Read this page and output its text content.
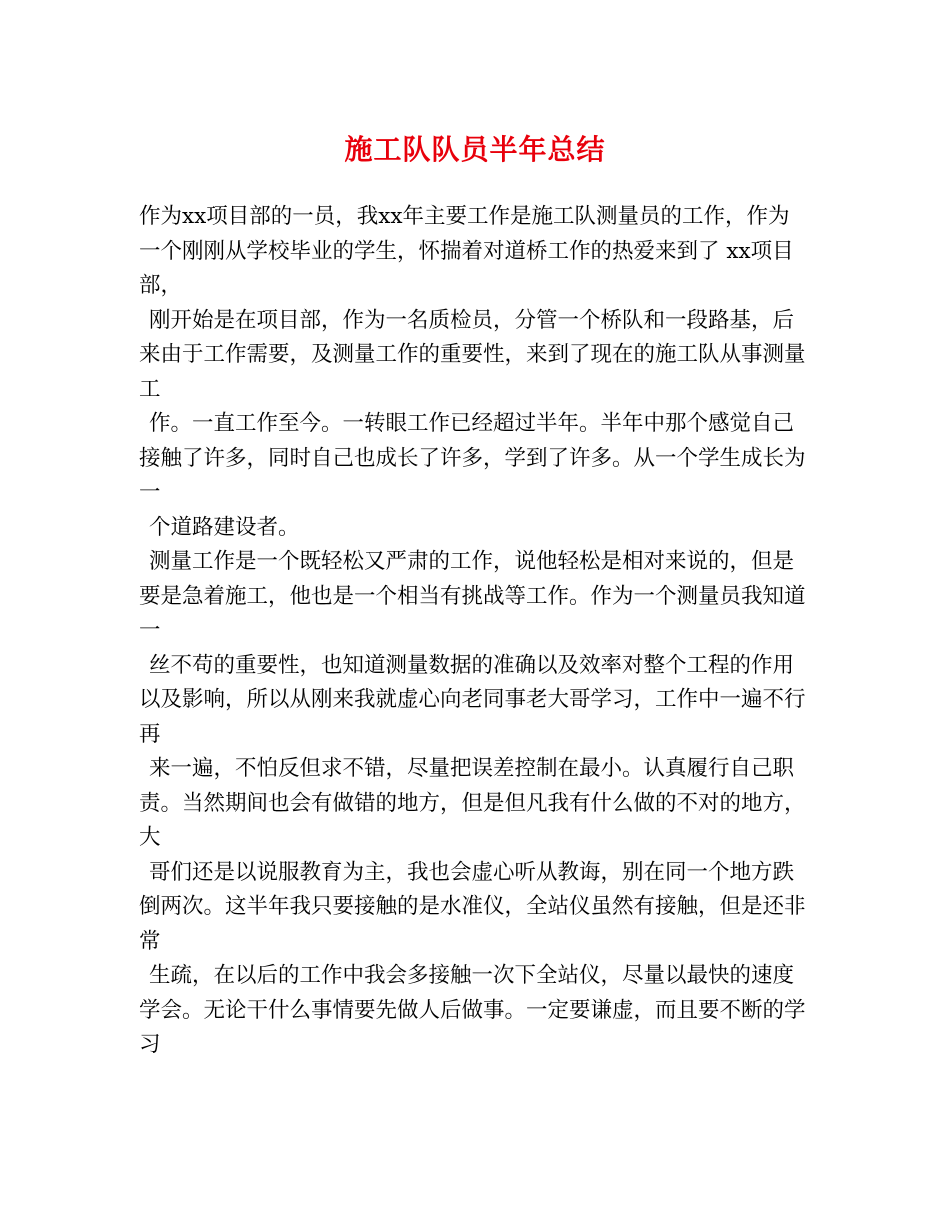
施工队队员半年总结
作为xx项目部的一员，我xx年主要工作是施工队测量员的工作，作为
一个刚刚从学校毕业的学生，怀揣着对道桥工作的热爱来到了 xx项目
部，
刚开始是在项目部，作为一名质检员，分管一个桥队和一段路基，后
来由于工作需要，及测量工作的重要性，来到了现在的施工队从事测量
工
作。一直工作至今。一转眼工作已经超过半年。半年中那个感觉自己
接触了许多，同时自己也成长了许多，学到了许多。从一个学生成长为
一
个道路建设者。
测量工作是一个既轻松又严肃的工作，说他轻松是相对来说的，但是
要是急着施工，他也是一个相当有挑战等工作。作为一个测量员我知道
一
丝不苟的重要性，也知道测量数据的准确以及效率对整个工程的作用
以及影响，所以从刚来我就虚心向老同事老大哥学习，工作中一遍不行
再
来一遍，不怕反但求不错，尽量把误差控制在最小。认真履行自己职
责。当然期间也会有做错的地方，但是但凡我有什么做的不对的地方，
大
哥们还是以说服教育为主，我也会虚心听从教诲，别在同一个地方跌
倒两次。这半年我只要接触的是水准仪，全站仪虽然有接触，但是还非
常
生疏，在以后的工作中我会多接触一次下全站仪，尽量以最快的速度
学会。无论干什么事情要先做人后做事。一定要谦虚，而且要不断的学
习
